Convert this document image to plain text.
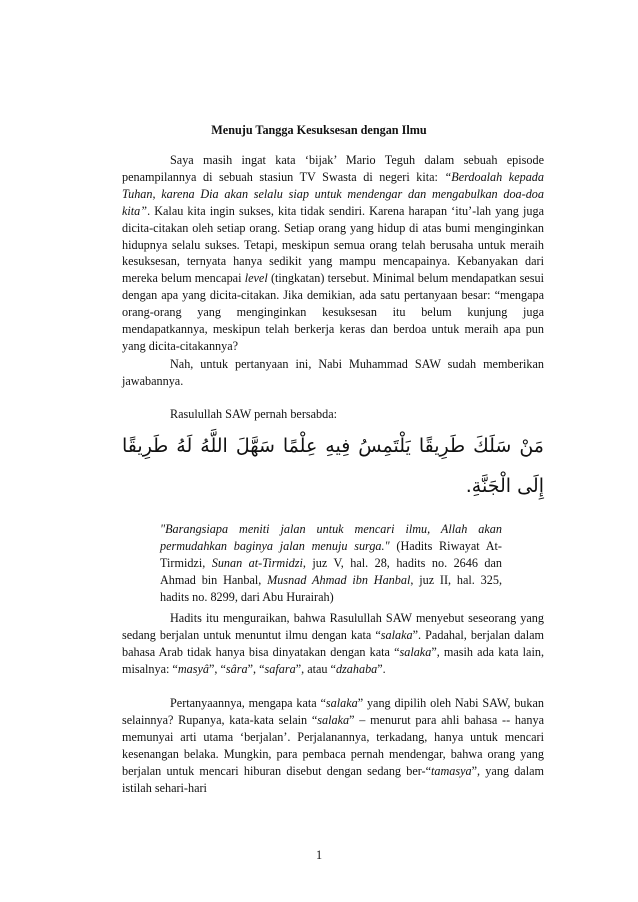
Menuju Tangga Kesuksesan dengan Ilmu

Saya masih ingat kata ‘bijak’ Mario Teguh dalam sebuah episode penampilannya di sebuah stasiun TV Swasta di negeri kita: “Berdoalah kepada Tuhan, karena Dia akan selalu siap untuk mendengar dan mengabulkan doa-doa kita”. Kalau kita ingin sukses, kita tidak sendiri. Karena harapan ‘itu’-lah yang juga dicita-citakan oleh setiap orang. Setiap orang yang hidup di atas bumi menginginkan hidupnya selalu sukses. Tetapi, meskipun semua orang telah berusaha untuk meraih kesuksesan, ternyata hanya sedikit yang mampu mencapainya. Kebanyakan dari mereka belum mencapai level (tingkatan) tersebut. Minimal belum mendapatkan sesui dengan apa yang dicita-citakan. Jika demikian, ada satu pertanyaan besar: “mengapa orang-orang yang menginginkan kesuksesan itu belum kunjung juga mendapatkannya, meskipun telah berkerja keras dan berdoa untuk meraih apa pun yang dicita-citakannya?

Nah, untuk pertanyaan ini, Nabi Muhammad SAW sudah memberikan jawabannya.

Rasulullah SAW pernah bersabda:

مَنْ سَلَكَ طَرِيقًا يَلْتَمِسُ فِيهِ عِلْمًا سَهَّلَ اللَّهُ لَهُ طَرِيقًا إِلَى الْجَنَّةِ.

"Barangsiapa meniti jalan untuk mencari ilmu, Allah akan permudahkan baginya jalan menuju surga." (Hadits Riwayat At-Tirmidzi, Sunan at-Tirmidzi, juz V, hal. 28, hadits no. 2646 dan Ahmad bin Hanbal, Musnad Ahmad ibn Hanbal, juz II, hal. 325, hadits no. 8299, dari Abu Hurairah)

Hadits itu menguraikan, bahwa Rasulullah SAW menyebut seseorang yang sedang berjalan untuk menuntut ilmu dengan kata “salaka”. Padahal, berjalan dalam bahasa Arab tidak hanya bisa dinyatakan dengan kata “salaka”, masih ada kata lain, misalnya: “masyâ”, “sâra”, “safara”, atau “dzahaba”.

Pertanyaannya, mengapa kata “salaka” yang dipilih oleh Nabi SAW, bukan selainnya? Rupanya, kata-kata selain “salaka” – menurut para ahli bahasa -- hanya memunyai arti utama ‘berjalan’. Perjalanannya, terkadang, hanya untuk mencari kesenangan belaka. Mungkin, para pembaca pernah mendengar, bahwa orang yang berjalan untuk mencari hiburan disebut dengan sedang ber-“tamasya”, yang dalam istilah sehari-hari

1
